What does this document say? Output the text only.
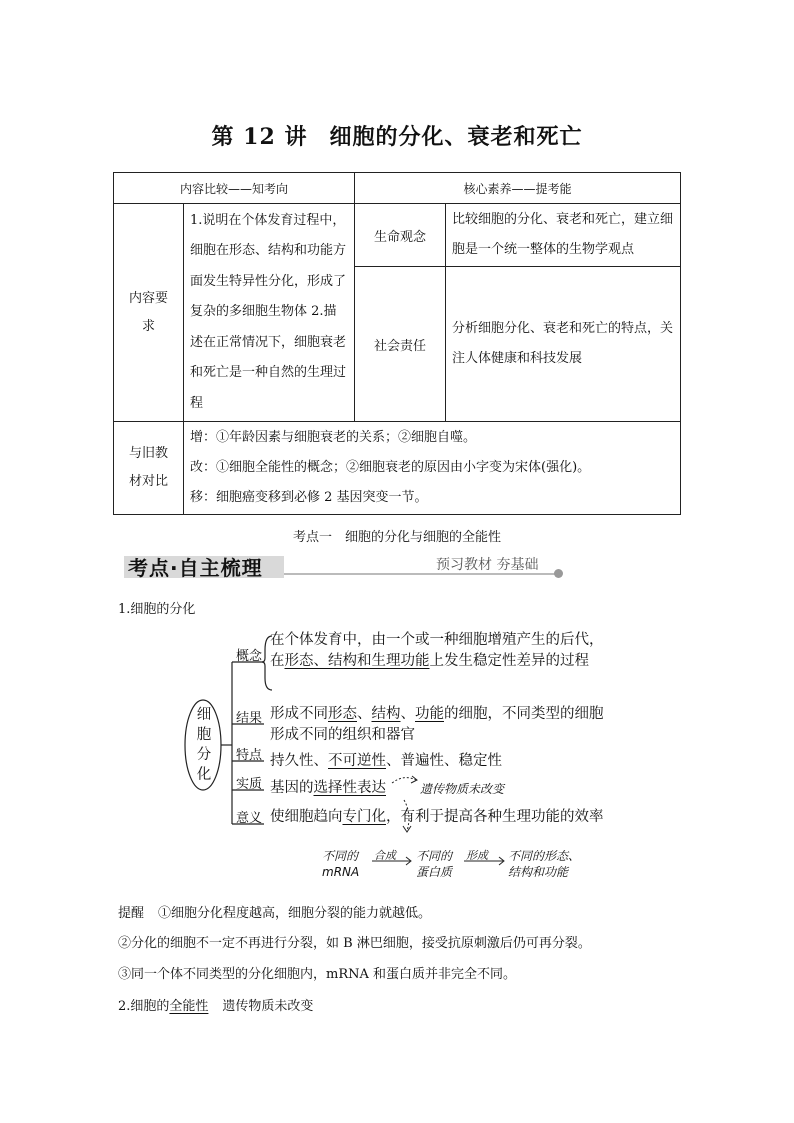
第 12 讲 细胞的分化、衰老和死亡
内容比较——知考向		核心素养——提考能	

内容要求	1.说明在个体发育过程中，细胞在形态、结构和功能方面发生特异性分化，形成了复杂的多细胞生物体 2.描述在正常情况下，细胞衰老和死亡是一种自然的生理过程	生命观念	比较细胞的分化、衰老和死亡，建立细胞是一个统一整体的生物学观点
		社会责任	分析细胞分化、衰老和死亡的特点，关注人体健康和科技发展

与旧教材对比	增：①年龄因素与细胞衰老的关系；②细胞自噬。
改：①细胞全能性的概念；②细胞衰老的原因由小字变为宋体(强化)。
移：细胞癌变移到必修 2 基因突变一节。		
考点一　细胞的分化与细胞的全能性
考点·自主梳理	预习教材 夯基础
1.细胞的分化
细胞分化
概念
结果
特点
实质
意义
在个体发育中，由一个或一种细胞增殖产生的后代，在形态、结构和生理功能上发生稳定性差异的过程
形成不同形态、结构、功能的细胞，不同类型的细胞形成不同的组织和器官
持久性、不可逆性、普遍性、稳定性
基因的选择性表达	遗传物质未改变
使细胞趋向专门化，有利于提高各种生理功能的效率
不同的
mRNA
合成 不同的
蛋白质
形成 不同的形态、
结构和功能
提醒 ①细胞分化程度越高，细胞分裂的能力就越低。
②分化的细胞不一定不再进行分裂，如 B 淋巴细胞，接受抗原刺激后仍可再分裂。
③同一个体不同类型的分化细胞内，mRNA 和蛋白质并非完全不同。
2.细胞的全能性 遗传物质未改变
